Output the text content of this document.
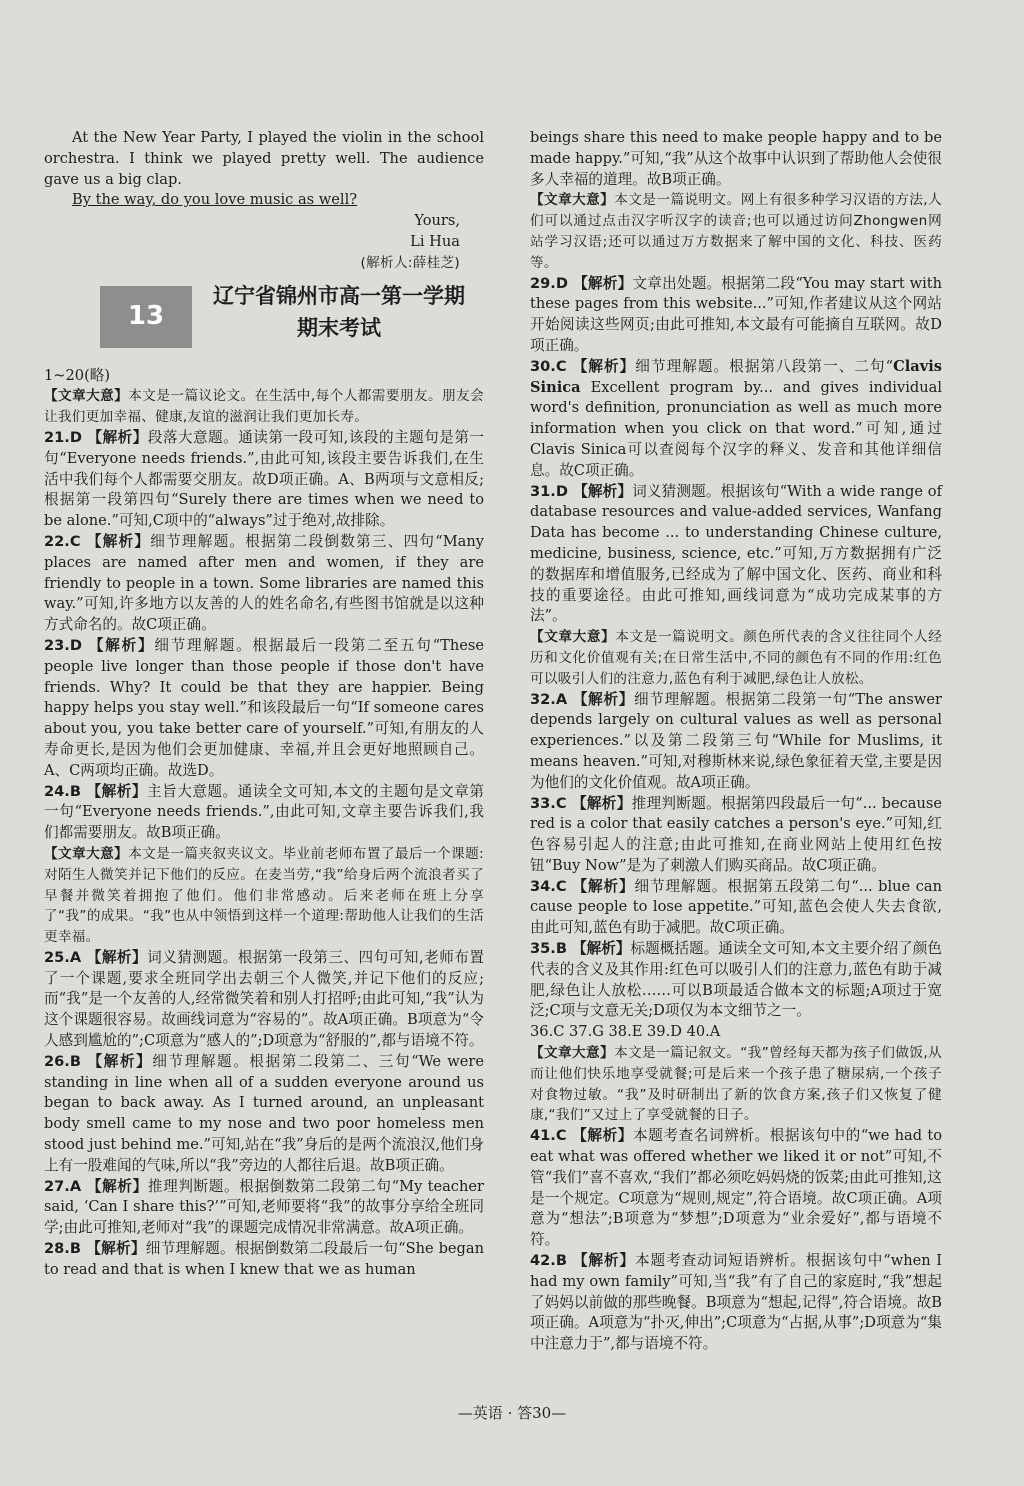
At the New Year Party, I played the violin in the school orchestra. I think we played pretty well. The audience gave us a big clap.

By the way, do you love music as well?

Yours,

Li Hua

(解析人:薛桂芝)

13
辽宁省锦州市高一第一学期
期末考试

1~20(略)

【文章大意】本文是一篇议论文。在生活中,每个人都需要朋友。朋友会让我们更加幸福、健康,友谊的滋润让我们更加长寿。

21.D 【解析】段落大意题。通读第一段可知,该段的主题句是第一句“Everyone needs friends.”,由此可知,该段主要告诉我们,在生活中我们每个人都需要交朋友。故D项正确。A、B两项与文意相反;根据第一段第四句“Surely there are times when we need to be alone.”可知,C项中的“always”过于绝对,故排除。

22.C 【解析】细节理解题。根据第二段倒数第三、四句“Many places are named after men and women, if they are friendly to people in a town. Some libraries are named this way.”可知,许多地方以友善的人的姓名命名,有些图书馆就是以这种方式命名的。故C项正确。

23.D 【解析】细节理解题。根据最后一段第二至五句“These people live longer than those people if those don't have friends. Why? It could be that they are happier. Being happy helps you stay well.”和该段最后一句“If someone cares about you, you take better care of yourself.”可知,有朋友的人寿命更长,是因为他们会更加健康、幸福,并且会更好地照顾自己。A、C两项均正确。故选D。

24.B 【解析】主旨大意题。通读全文可知,本文的主题句是文章第一句“Everyone needs friends.”,由此可知,文章主要告诉我们,我们都需要朋友。故B项正确。

【文章大意】本文是一篇夹叙夹议文。毕业前老师布置了最后一个课题:对陌生人微笑并记下他们的反应。在麦当劳,“我”给身后两个流浪者买了早餐并微笑着拥抱了他们。他们非常感动。后来老师在班上分享了“我”的成果。“我”也从中领悟到这样一个道理:帮助他人让我们的生活更幸福。

25.A 【解析】词义猜测题。根据第一段第三、四句可知,老师布置了一个课题,要求全班同学出去朝三个人微笑,并记下他们的反应;而“我”是一个友善的人,经常微笑着和别人打招呼;由此可知,“我”认为这个课题很容易。故画线词意为“容易的”。故A项正确。B项意为“令人感到尴尬的”;C项意为“感人的”;D项意为“舒服的”,都与语境不符。

26.B 【解析】细节理解题。根据第二段第二、三句“We were standing in line when all of a sudden everyone around us began to back away. As I turned around, an unpleasant body smell came to my nose and two poor homeless men stood just behind me.”可知,站在“我”身后的是两个流浪汉,他们身上有一股难闻的气味,所以“我”旁边的人都往后退。故B项正确。

27.A 【解析】推理判断题。根据倒数第二段第二句“My teacher said, ‘Can I share this?’”可知,老师要将“我”的故事分享给全班同学;由此可推知,老师对“我”的课题完成情况非常满意。故A项正确。

28.B 【解析】细节理解题。根据倒数第二段最后一句“She began to read and that is when I knew that we as human

beings share this need to make people happy and to be made happy.”可知,“我”从这个故事中认识到了帮助他人会使很多人幸福的道理。故B项正确。

【文章大意】本文是一篇说明文。网上有很多种学习汉语的方法,人们可以通过点击汉字听汉字的读音;也可以通过访问Zhongwen网站学习汉语;还可以通过万方数据来了解中国的文化、科技、医药等。

29.D 【解析】文章出处题。根据第二段“You may start with these pages from this website...”可知,作者建议从这个网站开始阅读这些网页;由此可推知,本文最有可能摘自互联网。故D项正确。

30.C 【解析】细节理解题。根据第八段第一、二句“Clavis Sinica Excellent program by... and gives individual word's definition, pronunciation as well as much more information when you click on that word.”可知,通过Clavis Sinica可以查阅每个汉字的释义、发音和其他详细信息。故C项正确。

31.D 【解析】词义猜测题。根据该句“With a wide range of database resources and value-added services, Wanfang Data has become ... to understanding Chinese culture, medicine, business, science, etc.”可知,万方数据拥有广泛的数据库和增值服务,已经成为了解中国文化、医药、商业和科技的重要途径。由此可推知,画线词意为“成功完成某事的方法”。

【文章大意】本文是一篇说明文。颜色所代表的含义往往同个人经历和文化价值观有关;在日常生活中,不同的颜色有不同的作用:红色可以吸引人们的注意力,蓝色有利于减肥,绿色让人放松。

32.A 【解析】细节理解题。根据第二段第一句“The answer depends largely on cultural values as well as personal experiences.”以及第二段第三句“While for Muslims, it means heaven.”可知,对穆斯林来说,绿色象征着天堂,主要是因为他们的文化价值观。故A项正确。

33.C 【解析】推理判断题。根据第四段最后一句“... because red is a color that easily catches a person's eye.”可知,红色容易引起人的注意;由此可推知,在商业网站上使用红色按钮“Buy Now”是为了刺激人们购买商品。故C项正确。

34.C 【解析】细节理解题。根据第五段第二句“... blue can cause people to lose appetite.”可知,蓝色会使人失去食欲,由此可知,蓝色有助于减肥。故C项正确。

35.B 【解析】标题概括题。通读全文可知,本文主要介绍了颜色代表的含义及其作用:红色可以吸引人们的注意力,蓝色有助于减肥,绿色让人放松……可以B项最适合做本文的标题;A项过于宽泛;C项与文意无关;D项仅为本文细节之一。

36.C 37.G 38.E 39.D 40.A

【文章大意】本文是一篇记叙文。“我”曾经每天都为孩子们做饭,从而让他们快乐地享受就餐;可是后来一个孩子患了糖尿病,一个孩子对食物过敏。“我”及时研制出了新的饮食方案,孩子们又恢复了健康,“我们”又过上了享受就餐的日子。

41.C 【解析】本题考查名词辨析。根据该句中的“we had to eat what was offered whether we liked it or not”可知,不管“我们”喜不喜欢,“我们”都必须吃妈妈烧的饭菜;由此可推知,这是一个规定。C项意为“规则,规定”,符合语境。故C项正确。A项意为“想法”;B项意为“梦想”;D项意为“业余爱好”,都与语境不符。

42.B 【解析】本题考查动词短语辨析。根据该句中“when I had my own family”可知,当“我”有了自己的家庭时,“我”想起了妈妈以前做的那些晚餐。B项意为“想起,记得”,符合语境。故B项正确。A项意为“扑灭,伸出”;C项意为“占据,从事”;D项意为“集中注意力于”,都与语境不符。

—英语 · 答30—
